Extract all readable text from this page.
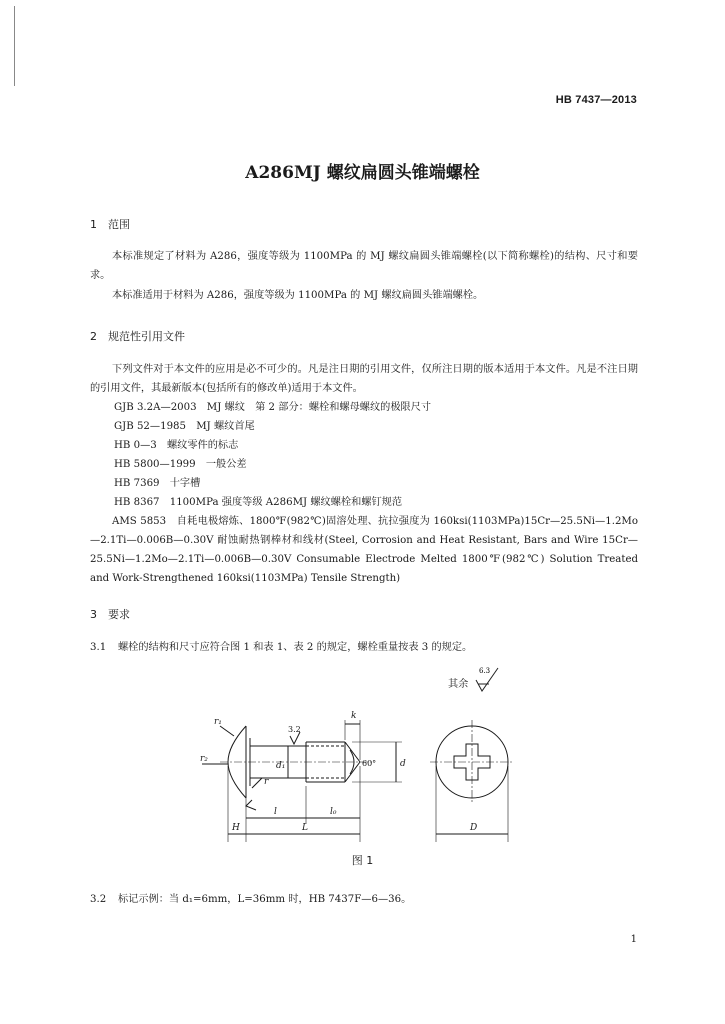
HB 7437—2013
A286MJ 螺纹扁圆头锥端螺栓
1 范围
本标准规定了材料为 A286，强度等级为 1100MPa 的 MJ 螺纹扁圆头锥端螺栓(以下简称螺栓)的结构、尺寸和要求。
本标准适用于材料为 A286，强度等级为 1100MPa 的 MJ 螺纹扁圆头锥端螺栓。
2 规范性引用文件
下列文件对于本文件的应用是必不可少的。凡是注日期的引用文件，仅所注日期的版本适用于本文件。凡是不注日期的引用文件，其最新版本(包括所有的修改单)适用于本文件。
GJB 3.2A—2003　MJ 螺纹　第 2 部分：螺栓和螺母螺纹的极限尺寸
GJB 52—1985　MJ 螺纹首尾
HB 0—3　螺纹零件的标志
HB 5800—1999　一般公差
HB 7369　十字槽
HB 8367　1100MPa 强度等级 A286MJ 螺纹螺栓和螺钉规范
AMS 5853　自耗电极熔炼、1800℉(982℃)固溶处理、抗拉强度为 160ksi(1103MPa)15Cr—25.5Ni—1.2Mo—2.1Ti—0.006B—0.30V 耐蚀耐热钢棒材和线材(Steel, Corrosion and Heat Resistant, Bars and Wire 15Cr—25.5Ni—1.2Mo—2.1Ti—0.006B—0.30V Consumable Electrode Melted 1800℉(982℃) Solution Treated and Work-Strengthened 160ksi(1103MPa) Tensile Strength)
3 要求
3.1 螺栓的结构和尺寸应符合图 1 和表 1、表 2 的规定，螺栓重量按表 3 的规定。
其余
6.3
r₁
r₂
r
k
3.2
d₁	60°	d
l	l₀
H	L	D
图 1
3.2 标记示例：当 d₁=6mm，L=36mm 时，HB 7437F—6—36。
1
